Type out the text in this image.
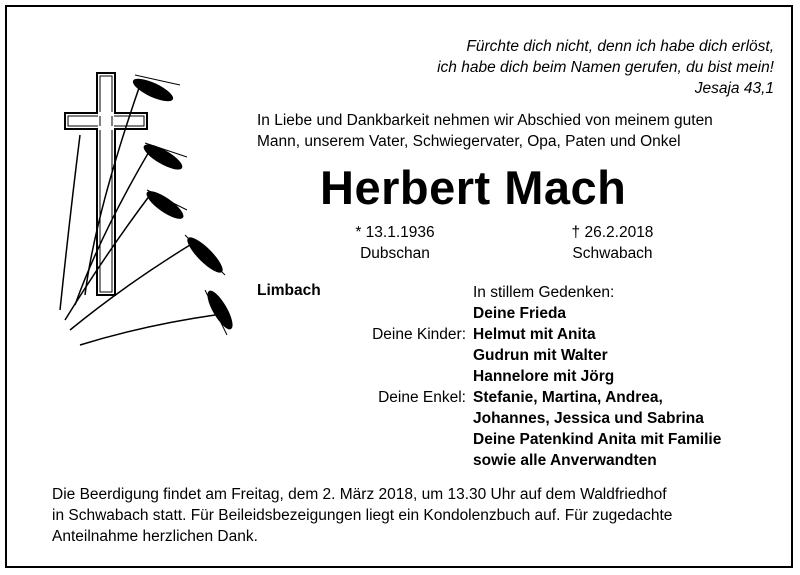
Fürchte dich nicht, denn ich habe dich erlöst,
ich habe dich beim Namen gerufen, du bist mein!
Jesaja 43,1
In Liebe und Dankbarkeit nehmen wir Abschied von meinem guten
Mann, unserem Vater, Schwiegervater, Opa, Paten und Onkel
Herbert Mach
* 13.1.1936
Dubschan
† 26.2.2018
Schwabach
Limbach	In stillem Gedenken:
Deine Frieda
Deine Kinder: Helmut mit Anita
Gudrun mit Walter
Hannelore mit Jörg
Deine Enkel: Stefanie, Martina, Andrea,
Johannes, Jessica und Sabrina
Deine Patenkind Anita mit Familie
sowie alle Anverwandten
Die Beerdigung findet am Freitag, dem 2. März 2018, um 13.30 Uhr auf dem Waldfriedhof
in Schwabach statt. Für Beileidsbezeigungen liegt ein Kondolenzbuch auf. Für zugedachte
Anteilnahme herzlichen Dank.
